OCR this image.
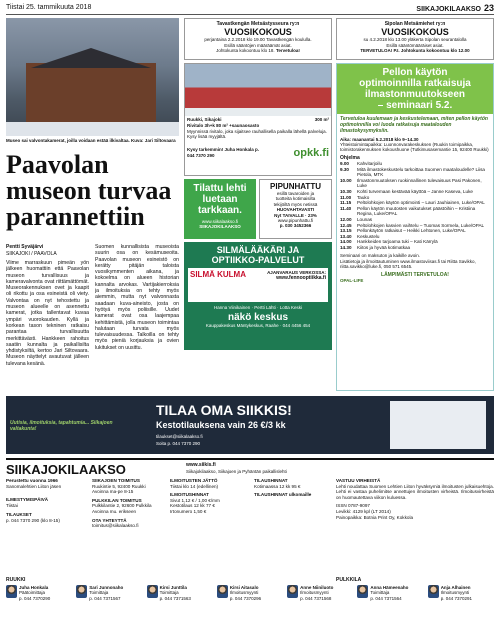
Tiistai 25. tammikuuta 2018	SIIKAJOKILAAKSO 23
Museo sai valvontakamerat, joilla voidaan estää ilkivaltaa. Kuva: Jari Siltovaara
Paavolan museon turvaa parannettiin
Pentti Syväjärvi
SIIKAJOKI / PAAVOLA
Viime marraskuun pimeän yön jälkeen huomattiin että Paavolan museon turvallisuus ja kameravalvonta ovat riittämättömät. Museorakennuksen ovet ja kaapit oli rikottu ja osa esineistä oli viety. Valvontaa on nyt tehostettu ja museon alueelle on asennettu kamerat, jotka tallentavat kuvaa ympäri vuorokauden. Kyllä ja korkean tason tekninen ratkaisu parantaa turvallisuutta merkittävästi. Hankkeen rahoitus saatiin kunnalta ja paikallisilta yhdistyksiltä, kertoo Jari Siltovaara. Museon näyttelyt avautuvat jälleen tulevana kesänä.
Suomen kunnallisista museoista suurin osa on kesämuseoita. Paavolan museon esineistö on kerätty pitäjän taloista vuosikymmenten aikana, ja kokoelma on alueen historian kannalta arvokas. Vartijakierroksia ja ilmoituksia on tehty myös aiemmin, mutta nyt valvonnasta saadaan kuva-aineisto, josta on hyötyä myös poliisille. Uudet kamerat ovat osa laajempaa kehittämistä, jolla museon toimintaa halutaan turvata myös tulevaisuudessa. Talkoilla on tehty myös pieniä korjauksia ja ovien lukitukset on uusittu.
Tavastkengän Metsästysseura ry:n
VUOSIKOKOUS
perjantaina 2.2.2018 klo 19.00 Tavastkengän koululla.
Esillä sääntöjen määräämät asiat.
Johtokunta kokoontuu klo 18. Tervetuloa!
Sipolan Metsämiehet ry:n
VUOSIKOKOUS
su 4.2.2018 klo 13.00 yläkerta Sipolan seurantalolla
Esillä sääntömääräiset asiat.
TERVETULOA! P.I. Johtokunta kokoontuu klo 12.00
Ruukki, Sikajoki	300 m²
Rivitalo 3h+k 80 m² +saunaosasto
Myynnissä rivitalo, joka sijaitsee rauhallisella paikalla lähellä palveluja. Kysy lisää myyjältä.
Kysy tarkemmin! Juha Honkala p. 044 7370 290	opkk.fi
Tilattu lehti
luetaan
tarkkaan.
www.siikalaakso.fi
SIIKAJOKILAAKSO
PIPUNHATTU
esillä tavaroiden ja
tuotteita kotimaisilta
tekijöiltä myös netissä
HUOVAHTAVASTI
Nyt TAIVALLE · 23%
www.pipunhattu.fi
p. 030 3452366
SILMÄLÄÄKÄRI JA
OPTIIKKO-PALVELUT
SILMÄ KULMA	AJANVARAUS VERKOSSA:
www.fennooptiikka.fi
Hanna Viinikainen · Pertti Lähti · Lotta Keski
näkö keskus
Kauppakeskus Mäntykeskus, Raahe · 044 4456 454
Pellon käytön
optimoinnilla ratkaisuja
ilmastonmuutokseen
– seminaari 5.2.
Tervetuloa kuulemaan ja keskustelemaan, miten pellon käytön optimoinnilla voi luoda ratkaisuja maatalouden ilmastokysymyksiin.
Aika: maanantai 5.2.2018 klo 9–14.30
Yhteistoimintapaikka: Luonnonvarakeskuksen (Ruukin toimipaikka, toimistorakennuksen kokoushuone (Tutkimusasemantie 15, 92400 Ruukki)
Ohjelma
9.00	Kahvitarjoilu
9.30	Mitä ilmastokeskustelu tarkoittaa Suomen maataloudelle? Liisa Pietola, MTK
10.00	Ilmastonmuutoksen ruokinnallinen tulevaisuus Pasi Pakonen, Luke
10.30	Kohti turvemaan kestävää käyttöä – Janne Kaseva, Luke
11.00	Tauko
11.15	Peltolohkojen käytön optimointi – Lauri Jauhiainen, Luke/OPAL
11.40	Pellon käytön muutosten vaikutukset päästöihin – Kristiina Regina, Luke/OPAL
12.00	Lounas
12.45	Peltolohkojen kasvien vaihtelu – Tuomas Sormela, Luke/OPAL
13.15	Pellonkäytön ratkaisut – Heikki Lehtonen, Luke/OPAL
13.40	Keskustelu
14.00	Hankkeiden tarjoama tuki – Kati Kärrylä
14.30	Kiitos ja hyvää kotimatkaa
Seminaari on maksuton ja kaikille avoin.
Lisätietoja ja ilmoittautuminen www.ilmastoviisas.fi tai Riitta Savikko, riitta.savikko@luke.fi, 050 571 6545.
LÄMPIMÄSTI TERVETULOA!
OPAL-LIFE
Uutisia, ilmoituksia, tapahtumia... Siikajoen valtakunta!
TILAA OMA SIIKKIS!
Kestotilauksena vain 26 €/3 kk
tilaukset@siikalaakso.fi
Soita p. 044 7370 290
SIIKAJOKILAAKSO	www.siikis.fi
Siikajokilaakso, Siikajoen ja Pyhäntän paikallislehti
Perustettu vuonna 1966
Sanomalehtien Liiton jäsen
ILMESTYMISPÄIVÄ
Tiistai
TILAUKSET
p. 044 7370 290 (klo 8-15)
SIIKAJOEN TOIMITUS
Ruukintie 5, 92400 Ruukki
Avoinna ma-pe 8-15
PULKKILAN TOIMITUS
Pulkkilantie 2, 92600 Pulkkila
Avoinna mu. erikseen
OTA YHTEYTTÄ
toimitus@siikalaakso.fi
ILMOITUSTEN JÄTTÖ
Tiistai klo 14 (edellinen)
ILMOITUSHINNAT
Sivut 1,12 € / 1,00 €/mm
Kestotilaus 12 kk 77 €
Irtonumero 1,50 €
TILAUSHINNAT
Kotimaassa 12 kk 95 €
TILAUSHINNAT ulkomaille
VASTUU VIRHEISTÄ
Lehti noudattaa Suomen Lehtien Liiton hyväksymiä ilmoitusten julkaisuehtoja. Lehti ei vastaa puhelimitse annettujen ilmoitusten virheistä. Ilmoitusvirheistä on huomautettava viikon kuluessa.
ISSN 0787-9097
Levikki: 4129 kpl (LT 2014)
Painopaikka: Botnia Print Oy, Kokkola
RUUKKI	PULKKILA
Juha Honkala
Päätoimittaja
p. 044 7370290
Sari Junnonaho
Toimittaja
p. 044 7371567
Kirsi Junttila
Toimittaja
p. 044 7371563
Kirsi Aitasalo
Ilmoitusmyynti
p. 044 7370296
Anne Niiniluoto
Ilmoitusmyynti
p. 044 7371568
Anna Hämeenaho
Toimittaja
p. 044 7371564
Anja Alhainen
Ilmoitusmyynti
p. 044 7370291
